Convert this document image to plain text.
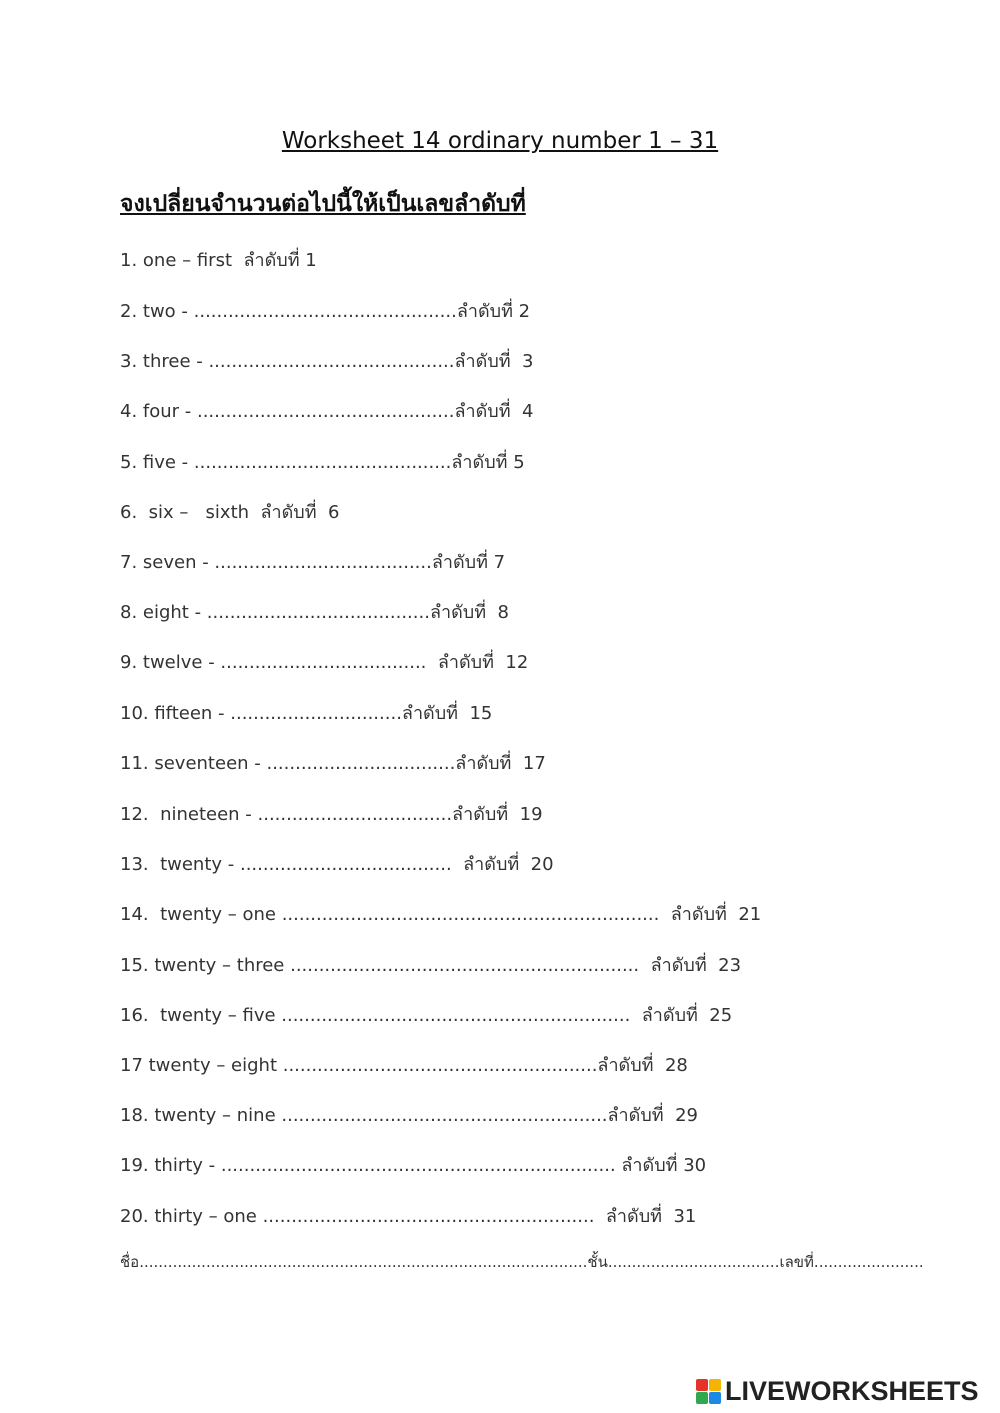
Worksheet 14 ordinary number 1 – 31
จงเปลี่ยนจำนวนต่อไปนี้ให้เป็นเลขลำดับที่
1. one – first  ลำดับที่ 1
2. two - ..............................................ลำดับที่ 2
3. three - ...........................................ลำดับที่  3
4. four - .............................................ลำดับที่  4
5. five - .............................................ลำดับที่ 5
6.  six –   sixth  ลำดับที่  6
7. seven - ......................................ลำดับที่ 7
8. eight - .......................................ลำดับที่  8
9. twelve - ....................................  ลำดับที่  12
10. fifteen - ..............................ลำดับที่  15
11. seventeen - .................................ลำดับที่  17
12.  nineteen - ..................................ลำดับที่  19
13.  twenty - .....................................  ลำดับที่  20
14.  twenty – one ..................................................................  ลำดับที่  21
15. twenty – three .............................................................  ลำดับที่  23
16.  twenty – five .............................................................  ลำดับที่  25
17 twenty – eight .......................................................ลำดับที่  28
18. twenty – nine .........................................................ลำดับที่  29
19. thirty - ..................................................................... ลำดับที่ 30
20. thirty – one ..........................................................  ลำดับที่  31
ชื่อ..............................................................................................ชั้น....................................เลขที่.......................
LIVEWORKSHEETS
